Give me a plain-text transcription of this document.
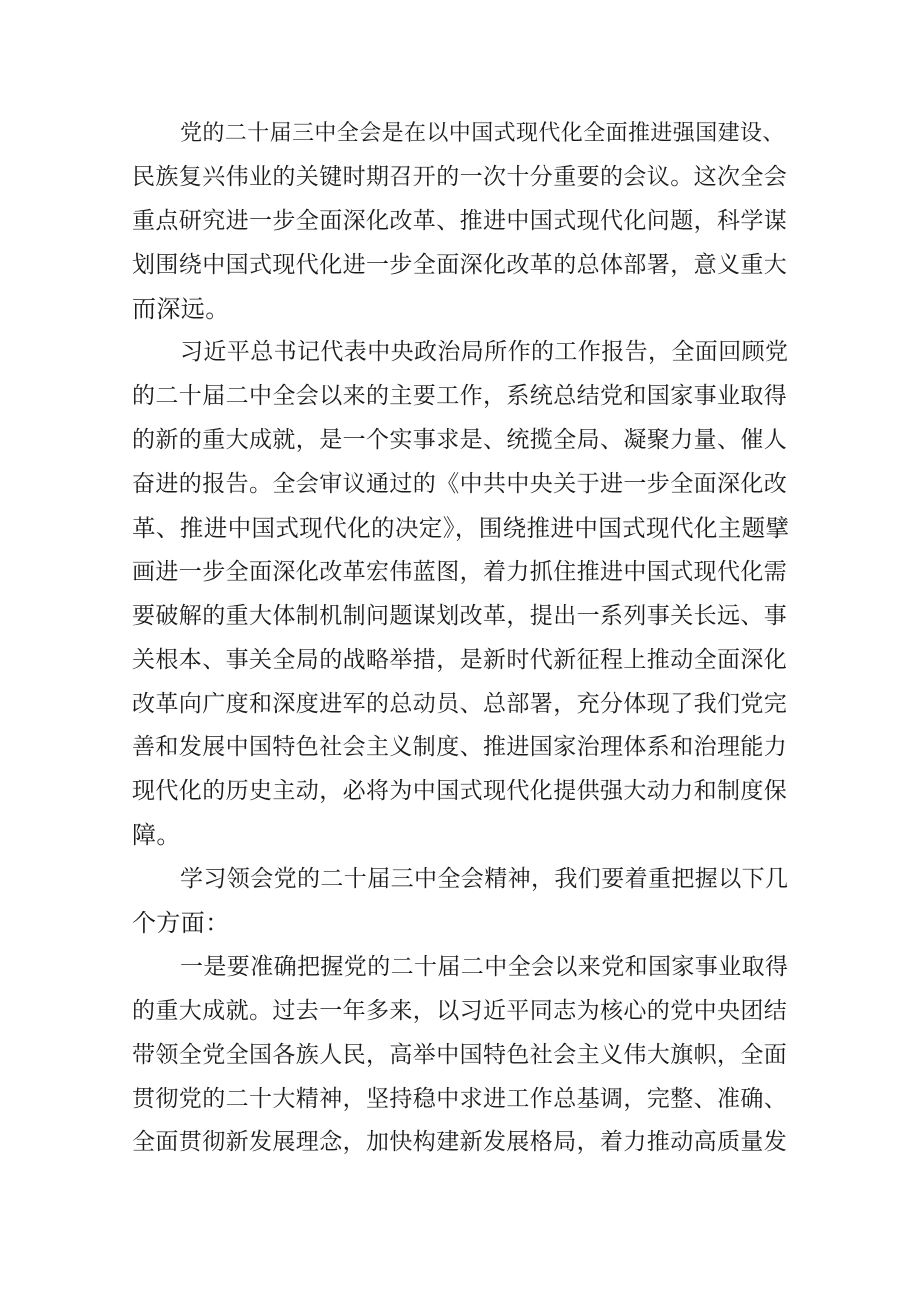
党的二十届三中全会是在以中国式现代化全面推进强国建设、
民族复兴伟业的关键时期召开的一次十分重要的会议。这次全会
重点研究进一步全面深化改革、推进中国式现代化问题，科学谋
划围绕中国式现代化进一步全面深化改革的总体部署，意义重大
而深远。
习近平总书记代表中央政治局所作的工作报告，全面回顾党
的二十届二中全会以来的主要工作，系统总结党和国家事业取得
的新的重大成就，是一个实事求是、统揽全局、凝聚力量、催人
奋进的报告。全会审议通过的《中共中央关于进一步全面深化改
革、推进中国式现代化的决定》，围绕推进中国式现代化主题擘
画进一步全面深化改革宏伟蓝图，着力抓住推进中国式现代化需
要破解的重大体制机制问题谋划改革，提出一系列事关长远、事
关根本、事关全局的战略举措，是新时代新征程上推动全面深化
改革向广度和深度进军的总动员、总部署，充分体现了我们党完
善和发展中国特色社会主义制度、推进国家治理体系和治理能力
现代化的历史主动，必将为中国式现代化提供强大动力和制度保
障。
学习领会党的二十届三中全会精神，我们要着重把握以下几
个方面：
一是要准确把握党的二十届二中全会以来党和国家事业取得
的重大成就。过去一年多来，以习近平同志为核心的党中央团结
带领全党全国各族人民，高举中国特色社会主义伟大旗帜，全面
贯彻党的二十大精神，坚持稳中求进工作总基调，完整、准确、
全面贯彻新发展理念，加快构建新发展格局，着力推动高质量发
